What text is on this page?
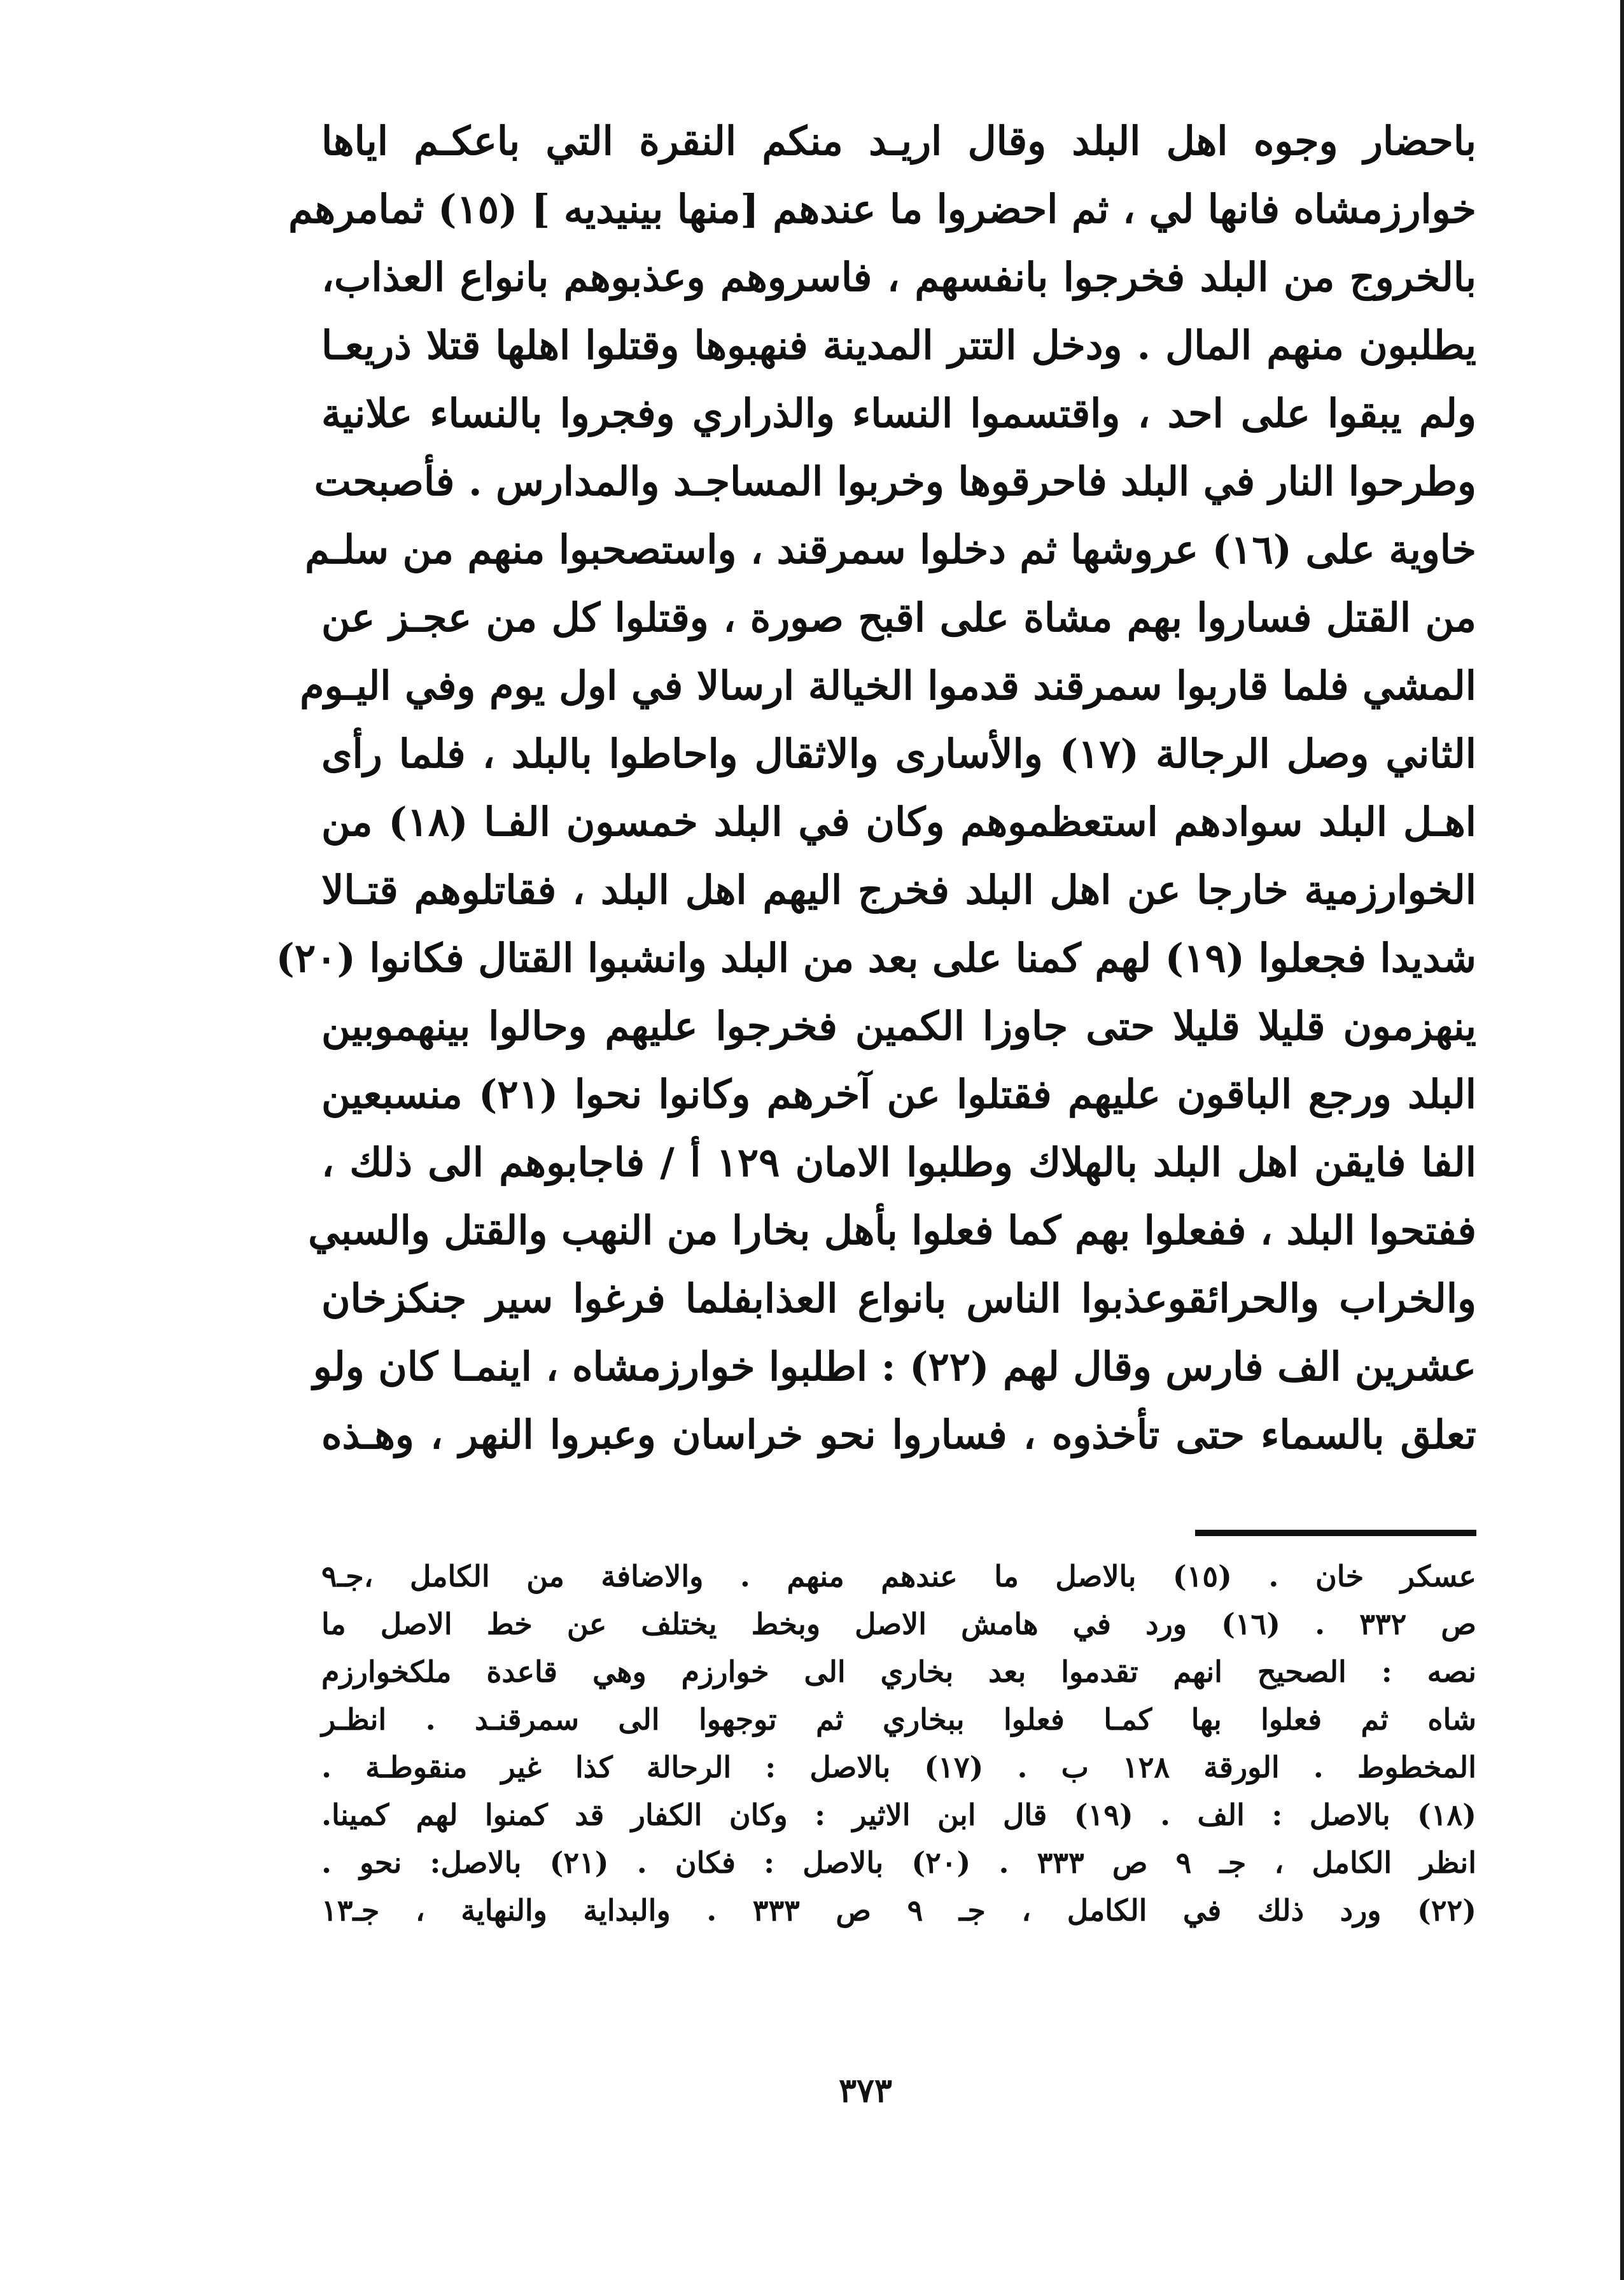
باحضار وجوه اهل البلد وقال اريـد منكم النقرة التي باعكـم اياها
خوارزمشاه فانها لي ، ثم احضروا ما عندهم [منها بينيديه ] (١٥) ثمامرهم
بالخروج من البلد فخرجوا بانفسهم ، فاسروهم وعذبوهم بانواع العذاب،
يطلبون منهم المال . ودخل التتر المدينة فنهبوها وقتلوا اهلها قتلا ذريعـا
ولم يبقوا على احد ، واقتسموا النساء والذراري وفجروا بالنساء علانية
وطرحوا النار في البلد فاحرقوها وخربوا المساجـد والمدارس . فأصبحت
خاوية على (١٦) عروشها ثم دخلوا سمرقند ، واستصحبوا منهم من سلـم
من القتل فساروا بهم مشاة على اقبح صورة ، وقتلوا كل من عجـز عن
المشي فلما قاربوا سمرقند قدموا الخيالة ارسالا في اول يوم وفي اليـوم
الثاني وصل الرجالة (١٧) والأسارى والاثقال واحاطوا بالبلد ، فلما رأى
اهـل البلد سوادهم استعظموهم وكان في البلد خمسون الفـا (١٨) من
الخوارزمية خارجا عن اهل البلد فخرج اليهم اهل البلد ، فقاتلوهم قتـالا
شديدا فجعلوا (١٩) لهم كمنا على بعد من البلد وانشبوا القتال فكانوا (٢٠)
ينهزمون قليلا قليلا حتى جاوزا الكمين فخرجوا عليهم وحالوا بينهموبين
البلد ورجع الباقون عليهم فقتلوا عن آخرهم وكانوا نحوا (٢١) منسبعين
الفا فايقن اهل البلد بالهلاك وطلبوا الامان ١٢٩ أ / فاجابوهم الى ذلك ،
ففتحوا البلد ، ففعلوا بهم كما فعلوا بأهل بخارا من النهب والقتل والسبي
والخراب والحرائقوعذبوا الناس بانواع العذابفلما فرغوا سير جنكزخان
عشرين الف فارس وقال لهم (٢٢) : اطلبوا خوارزمشاه ، اينمـا كان ولو
تعلق بالسماء حتى تأخذوه ، فساروا نحو خراسان وعبروا النهر ، وهـذه
عسكر خان . (١٥) بالاصل ما عندهم منهم . والاضافة من الكامل ،جـ٩
ص ٣٣٢ . (١٦) ورد في هامش الاصل وبخط يختلف عن خط الاصل ما
نصه : الصحيح انهم تقدموا بعد بخاري الى خوارزم وهي قاعدة ملكخوارزم
شاه ثم فعلوا بها كمـا فعلوا ببخاري ثم توجهوا الى سمرقنـد . انظـر
المخطوط . الورقة ١٢٨ ب . (١٧) بالاصل : الرحالة كذا غير منقوطـة .
(١٨) بالاصل : الف . (١٩) قال ابن الاثير : وكان الكفار قد كمنوا لهم كمينا.
انظر الكامل ، جـ ٩ ص ٣٣٣ . (٢٠) بالاصل : فكان . (٢١) بالاصل: نحو .
(٢٢) ورد ذلك في الكامل ، جـ ٩ ص ٣٣٣ . والبداية والنهاية ، جـ١٣
٣٧٣
